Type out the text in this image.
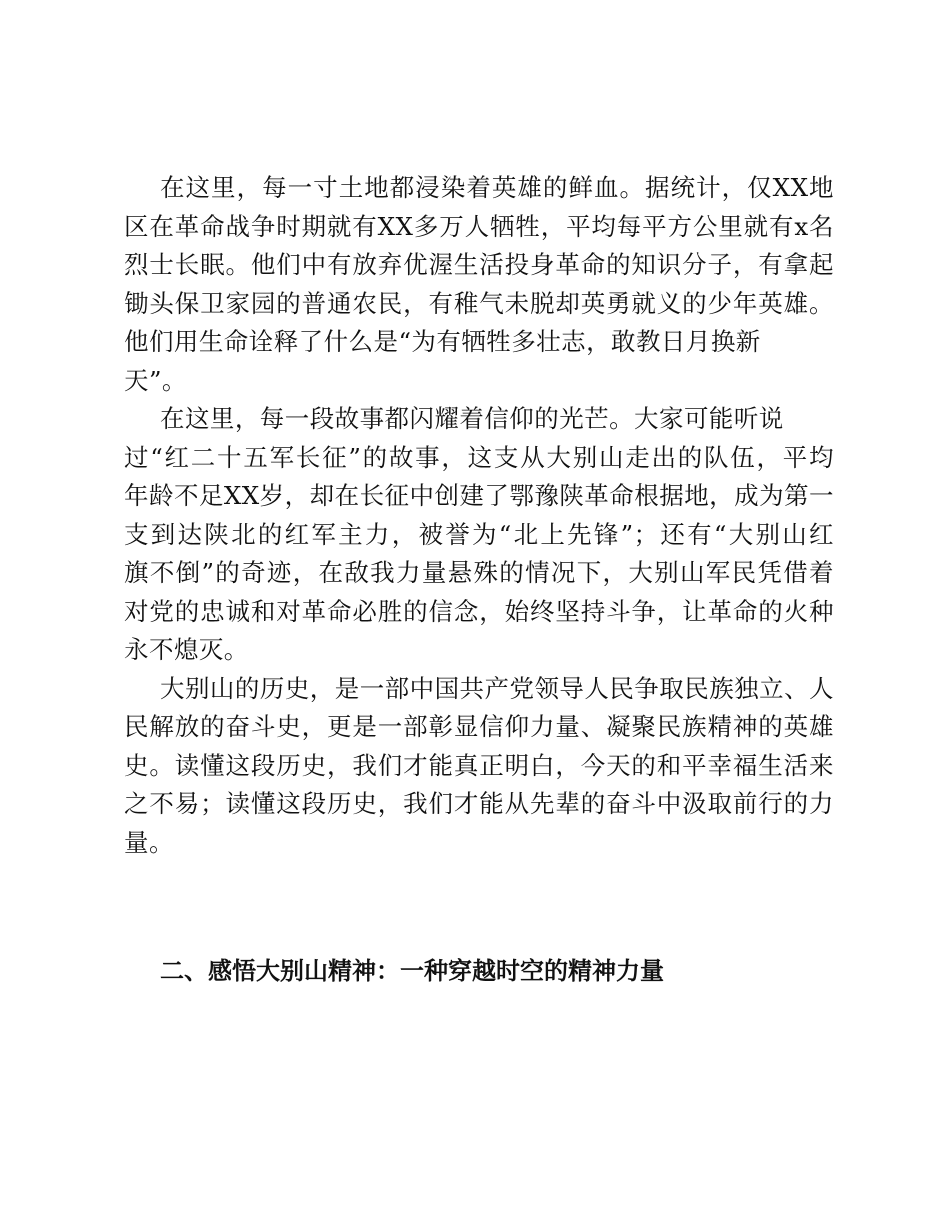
在这里，每一寸土地都浸染着英雄的鲜血。据统计，仅XX地
区在革命战争时期就有XX多万人牺牲，平均每平方公里就有x名
烈士长眠。他们中有放弃优渥生活投身革命的知识分子，有拿起
锄头保卫家园的普通农民，有稚气未脱却英勇就义的少年英雄。
他们用生命诠释了什么是“为有牺牲多壮志，敢教日月换新
天”。
在这里，每一段故事都闪耀着信仰的光芒。大家可能听说
过“红二十五军长征”的故事，这支从大别山走出的队伍，平均
年龄不足XX岁，却在长征中创建了鄂豫陕革命根据地，成为第一
支到达陕北的红军主力，被誉为“北上先锋”；还有“大别山红
旗不倒”的奇迹，在敌我力量悬殊的情况下，大别山军民凭借着
对党的忠诚和对革命必胜的信念，始终坚持斗争，让革命的火种
永不熄灭。
大别山的历史，是一部中国共产党领导人民争取民族独立、人
民解放的奋斗史，更是一部彰显信仰力量、凝聚民族精神的英雄
史。读懂这段历史，我们才能真正明白，今天的和平幸福生活来
之不易；读懂这段历史，我们才能从先辈的奋斗中汲取前行的力
量。
二、感悟大别山精神：一种穿越时空的精神力量
